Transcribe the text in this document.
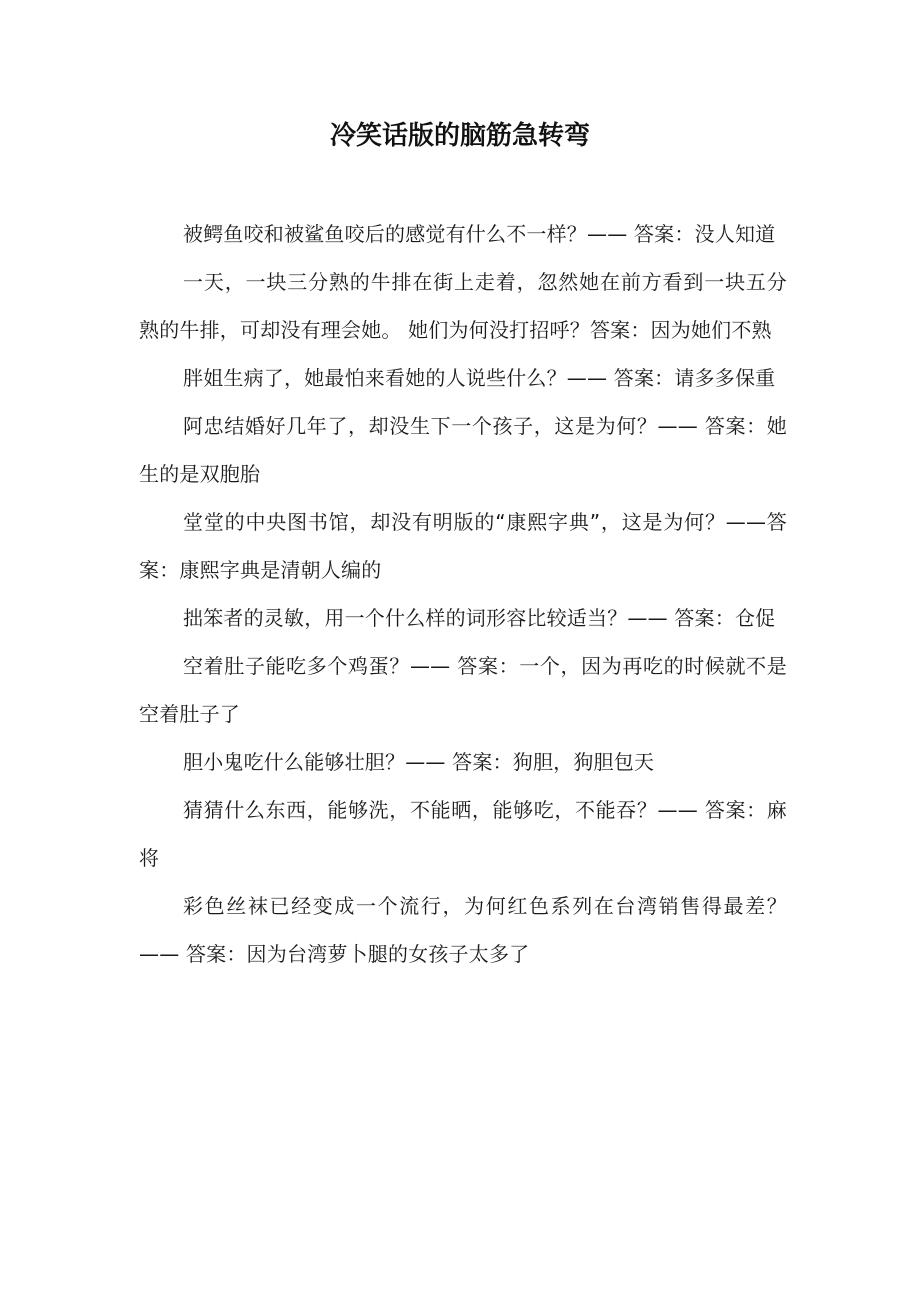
冷笑话版的脑筋急转弯

被鳄鱼咬和被鲨鱼咬后的感觉有什么不一样？—— 答案：没人知道

一天，一块三分熟的牛排在街上走着，忽然她在前方看到一块五分熟的牛排，可却没有理会她。 她们为何没打招呼？答案：因为她们不熟

胖姐生病了，她最怕来看她的人说些什么？—— 答案：请多多保重

阿忠结婚好几年了，却没生下一个孩子，这是为何？—— 答案：她生的是双胞胎

堂堂的中央图书馆，却没有明版的“康熙字典”，这是为何？——答案：康熙字典是清朝人编的

拙笨者的灵敏，用一个什么样的词形容比较适当？—— 答案：仓促

空着肚子能吃多个鸡蛋？—— 答案：一个，因为再吃的时候就不是空着肚子了

胆小鬼吃什么能够壮胆？—— 答案：狗胆，狗胆包天

猜猜什么东西，能够洗，不能晒，能够吃，不能吞？—— 答案：麻将

彩色丝袜已经变成一个流行，为何红色系列在台湾销售得最差？—— 答案：因为台湾萝卜腿的女孩子太多了
